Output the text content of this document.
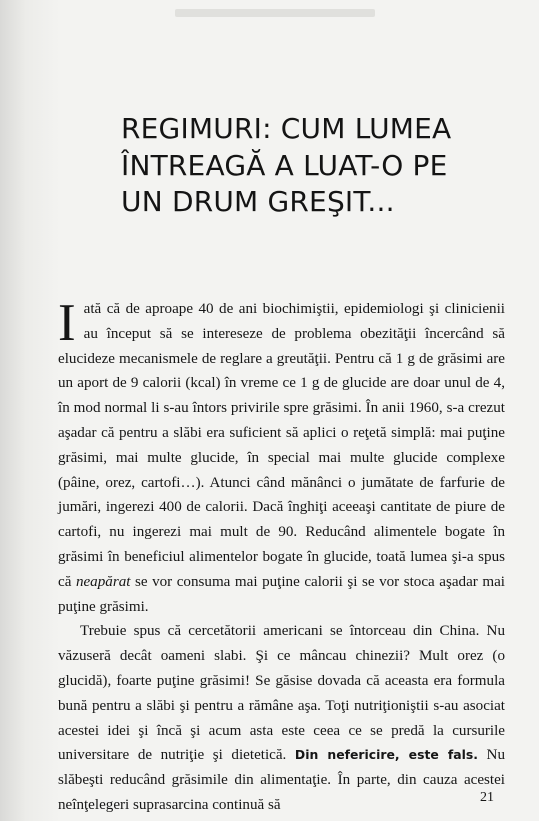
REGIMURI: CUM LUMEA
ÎNTREAGĂ A LUAT-O PE
UN DRUM GREŞIT...

Iată că de aproape 40 de ani biochimiştii, epidemiologi şi clinicienii au început să se intereseze de problema obezităţii încercând să elucideze mecanismele de reglare a greutăţii. Pentru că 1 g de grăsimi are un aport de 9 calorii (kcal) în vreme ce 1 g de glucide are doar unul de 4, în mod normal li s-au întors privirile spre grăsimi. În anii 1960, s-a crezut aşadar că pentru a slăbi era suficient să aplici o reţetă simplă: mai puţine grăsimi, mai multe glucide, în special mai multe glucide complexe (pâine, orez, cartofi…). Atunci când mănânci o jumătate de farfurie de jumări, ingerezi 400 de calorii. Dacă înghiţi aceeaşi cantitate de piure de cartofi, nu ingerezi mai mult de 90. Reducând alimentele bogate în grăsimi în beneficiul alimentelor bogate în glucide, toată lumea şi-a spus că neapărat se vor consuma mai puţine calorii şi se vor stoca aşadar mai puţine grăsimi.

Trebuie spus că cercetătorii americani se întorceau din China. Nu văzuseră decât oameni slabi. Şi ce mâncau chinezii? Mult orez (o glucidă), foarte puţine grăsimi! Se găsise dovada că aceasta era formula bună pentru a slăbi şi pentru a rămâne aşa. Toţi nutriţioniştii s-au asociat acestei idei şi încă şi acum asta este ceea ce se predă la cursurile universitare de nutriţie şi dietetică. Din nefericire, este fals. Nu slăbeşti reducând grăsimile din alimentaţie. În parte, din cauza acestei neînţelegeri suprasarcina continuă să	21
